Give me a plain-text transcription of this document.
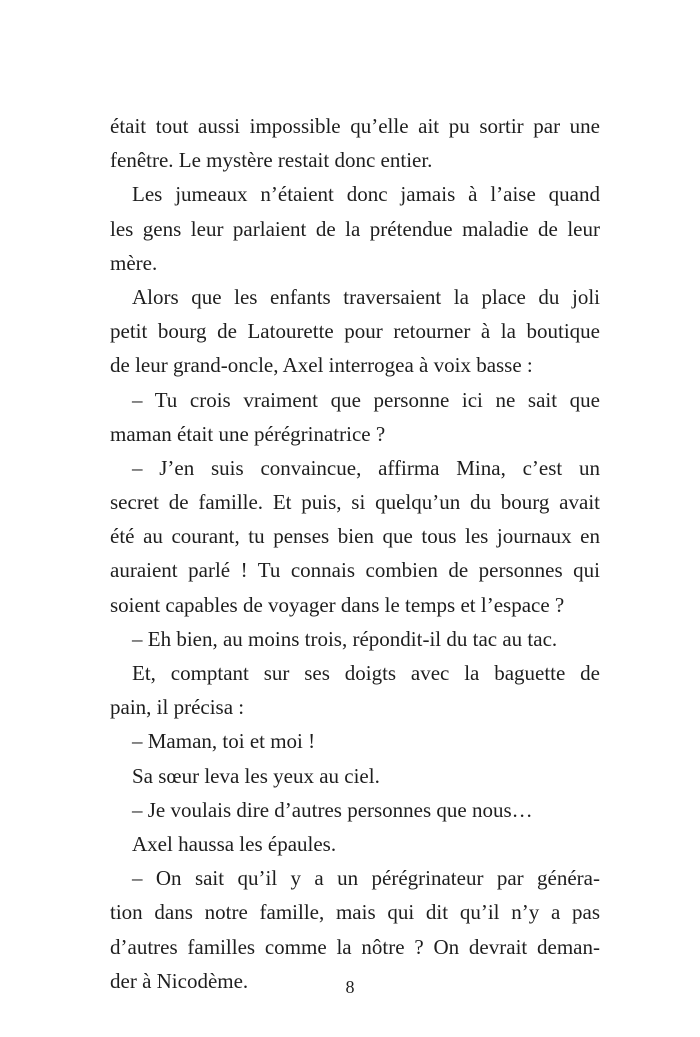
était tout aussi impossible qu’elle ait pu sortir par une
fenêtre. Le mystère restait donc entier.
Les jumeaux n’étaient donc jamais à l’aise quand
les gens leur parlaient de la prétendue maladie de leur
mère.
Alors que les enfants traversaient la place du joli
petit bourg de Latourette pour retourner à la boutique
de leur grand-oncle, Axel interrogea à voix basse :
– Tu crois vraiment que personne ici ne sait que
maman était une pérégrinatrice ?
– J’en suis convaincue, affirma Mina, c’est un
secret de famille. Et puis, si quelqu’un du bourg avait
été au courant, tu penses bien que tous les journaux en
auraient parlé ! Tu connais combien de personnes qui
soient capables de voyager dans le temps et l’espace ?
– Eh bien, au moins trois, répondit-il du tac au tac.
Et, comptant sur ses doigts avec la baguette de
pain, il précisa :
– Maman, toi et moi !
Sa sœur leva les yeux au ciel.
– Je voulais dire d’autres personnes que nous…
Axel haussa les épaules.
– On sait qu’il y a un pérégrinateur par généra-
tion dans notre famille, mais qui dit qu’il n’y a pas
d’autres familles comme la nôtre ? On devrait deman-
der à Nicodème.	8
